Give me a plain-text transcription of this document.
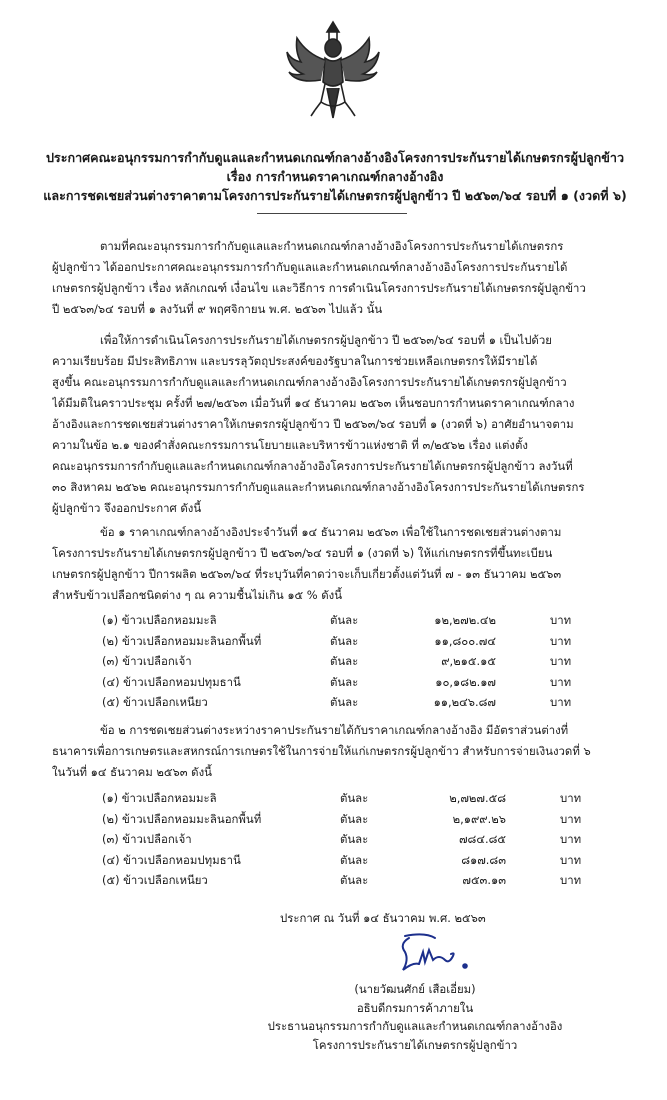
ประกาศคณะอนุกรรมการกำกับดูแลและกำหนดเกณฑ์กลางอ้างอิงโครงการประกันรายได้เกษตรกรผู้ปลูกข้าว
เรื่อง การกำหนดราคาเกณฑ์กลางอ้างอิง
และการชดเชยส่วนต่างราคาตามโครงการประกันรายได้เกษตรกรผู้ปลูกข้าว ปี ๒๕๖๓/๖๔ รอบที่ ๑ (งวดที่ ๖)
ตามที่คณะอนุกรรมการกำกับดูแลและกำหนดเกณฑ์กลางอ้างอิงโครงการประกันรายได้เกษตรกร
ผู้ปลูกข้าว ได้ออกประกาศคณะอนุกรรมการกำกับดูแลและกำหนดเกณฑ์กลางอ้างอิงโครงการประกันรายได้
เกษตรกรผู้ปลูกข้าว เรื่อง หลักเกณฑ์ เงื่อนไข และวิธีการ การดำเนินโครงการประกันรายได้เกษตรกรผู้ปลูกข้าว
ปี ๒๕๖๓/๖๔ รอบที่ ๑ ลงวันที่ ๙ พฤศจิกายน พ.ศ. ๒๕๖๓ ไปแล้ว นั้น
เพื่อให้การดำเนินโครงการประกันรายได้เกษตรกรผู้ปลูกข้าว ปี ๒๕๖๓/๖๔ รอบที่ ๑ เป็นไปด้วย
ความเรียบร้อย มีประสิทธิภาพ และบรรลุวัตถุประสงค์ของรัฐบาลในการช่วยเหลือเกษตรกรให้มีรายได้
สูงขึ้น คณะอนุกรรมการกำกับดูแลและกำหนดเกณฑ์กลางอ้างอิงโครงการประกันรายได้เกษตรกรผู้ปลูกข้าว
ได้มีมติในคราวประชุม ครั้งที่ ๒๗/๒๕๖๓ เมื่อวันที่ ๑๔ ธันวาคม ๒๕๖๓ เห็นชอบการกำหนดราคาเกณฑ์กลาง
อ้างอิงและการชดเชยส่วนต่างราคาให้เกษตรกรผู้ปลูกข้าว ปี ๒๕๖๓/๖๔ รอบที่ ๑ (งวดที่ ๖) อาศัยอำนาจตาม
ความในข้อ ๒.๑ ของคำสั่งคณะกรรมการนโยบายและบริหารข้าวแห่งชาติ ที่ ๓/๒๕๖๒ เรื่อง แต่งตั้ง
คณะอนุกรรมการกำกับดูแลและกำหนดเกณฑ์กลางอ้างอิงโครงการประกันรายได้เกษตรกรผู้ปลูกข้าว ลงวันที่
๓๐ สิงหาคม ๒๕๖๒ คณะอนุกรรมการกำกับดูแลและกำหนดเกณฑ์กลางอ้างอิงโครงการประกันรายได้เกษตรกร
ผู้ปลูกข้าว จึงออกประกาศ ดังนี้
ข้อ ๑ ราคาเกณฑ์กลางอ้างอิงประจำวันที่ ๑๔ ธันวาคม ๒๕๖๓ เพื่อใช้ในการชดเชยส่วนต่างตาม
โครงการประกันรายได้เกษตรกรผู้ปลูกข้าว ปี ๒๕๖๓/๖๔ รอบที่ ๑ (งวดที่ ๖) ให้แก่เกษตรกรที่ขึ้นทะเบียน
เกษตรกรผู้ปลูกข้าว ปีการผลิต ๒๕๖๓/๖๔ ที่ระบุวันที่คาดว่าจะเก็บเกี่ยวตั้งแต่วันที่ ๗ - ๑๓ ธันวาคม ๒๕๖๓
สำหรับข้าวเปลือกชนิดต่าง ๆ ณ ความชื้นไม่เกิน ๑๕ % ดังนี้
(๑) ข้าวเปลือกหอมมะลิ	ตันละ	๑๒,๒๗๒.๔๒	บาท
(๒) ข้าวเปลือกหอมมะลินอกพื้นที่	ตันละ	๑๑,๘๐๐.๗๔	บาท
(๓) ข้าวเปลือกเจ้า	ตันละ	๙,๒๑๕.๑๕	บาท
(๔) ข้าวเปลือกหอมปทุมธานี	ตันละ	๑๐,๑๘๒.๑๗	บาท
(๕) ข้าวเปลือกเหนียว	ตันละ	๑๑,๒๔๖.๘๗	บาท
ข้อ ๒ การชดเชยส่วนต่างระหว่างราคาประกันรายได้กับราคาเกณฑ์กลางอ้างอิง มีอัตราส่วนต่างที่
ธนาคารเพื่อการเกษตรและสหกรณ์การเกษตรใช้ในการจ่ายให้แก่เกษตรกรผู้ปลูกข้าว สำหรับการจ่ายเงินงวดที่ ๖
ในวันที่ ๑๔ ธันวาคม ๒๕๖๓ ดังนี้
(๑) ข้าวเปลือกหอมมะลิ	ตันละ	๒,๗๒๗.๕๘	บาท
(๒) ข้าวเปลือกหอมมะลินอกพื้นที่	ตันละ	๒,๑๙๙.๒๖	บาท
(๓) ข้าวเปลือกเจ้า	ตันละ	๗๘๔.๘๕	บาท
(๔) ข้าวเปลือกหอมปทุมธานี	ตันละ	๘๑๗.๘๓	บาท
(๕) ข้าวเปลือกเหนียว	ตันละ	๗๕๓.๑๓	บาท
ประกาศ ณ วันที่ ๑๔ ธันวาคม พ.ศ. ๒๕๖๓
(นายวัฒนศักย์ เสือเอี่ยม)
อธิบดีกรมการค้าภายใน
ประธานอนุกรรมการกำกับดูแลและกำหนดเกณฑ์กลางอ้างอิง
โครงการประกันรายได้เกษตรกรผู้ปลูกข้าว
